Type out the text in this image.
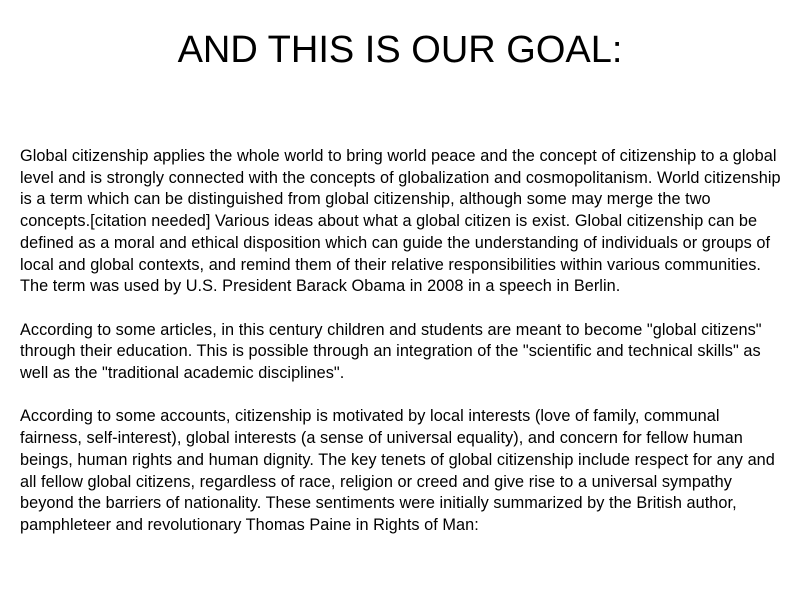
AND THIS IS OUR GOAL:

Global citizenship applies the whole world to bring world peace and the concept of citizenship to a global level and is strongly connected with the concepts of globalization and cosmopolitanism. World citizenship is a term which can be distinguished from global citizenship, although some may merge the two concepts.[citation needed] Various ideas about what a global citizen is exist. Global citizenship can be defined as a moral and ethical disposition which can guide the understanding of individuals or groups of local and global contexts, and remind them of their relative responsibilities within various communities. The term was used by U.S. President Barack Obama in 2008 in a speech in Berlin.

According to some articles, in this century children and students are meant to become "global citizens" through their education. This is possible through an integration of the "scientific and technical skills" as well as the "traditional academic disciplines".

According to some accounts, citizenship is motivated by local interests (love of family, communal fairness, self-interest), global interests (a sense of universal equality), and concern for fellow human beings, human rights and human dignity. The key tenets of global citizenship include respect for any and all fellow global citizens, regardless of race, religion or creed and give rise to a universal sympathy beyond the barriers of nationality. These sentiments were initially summarized by the British author, pamphleteer and revolutionary Thomas Paine in Rights of Man:
